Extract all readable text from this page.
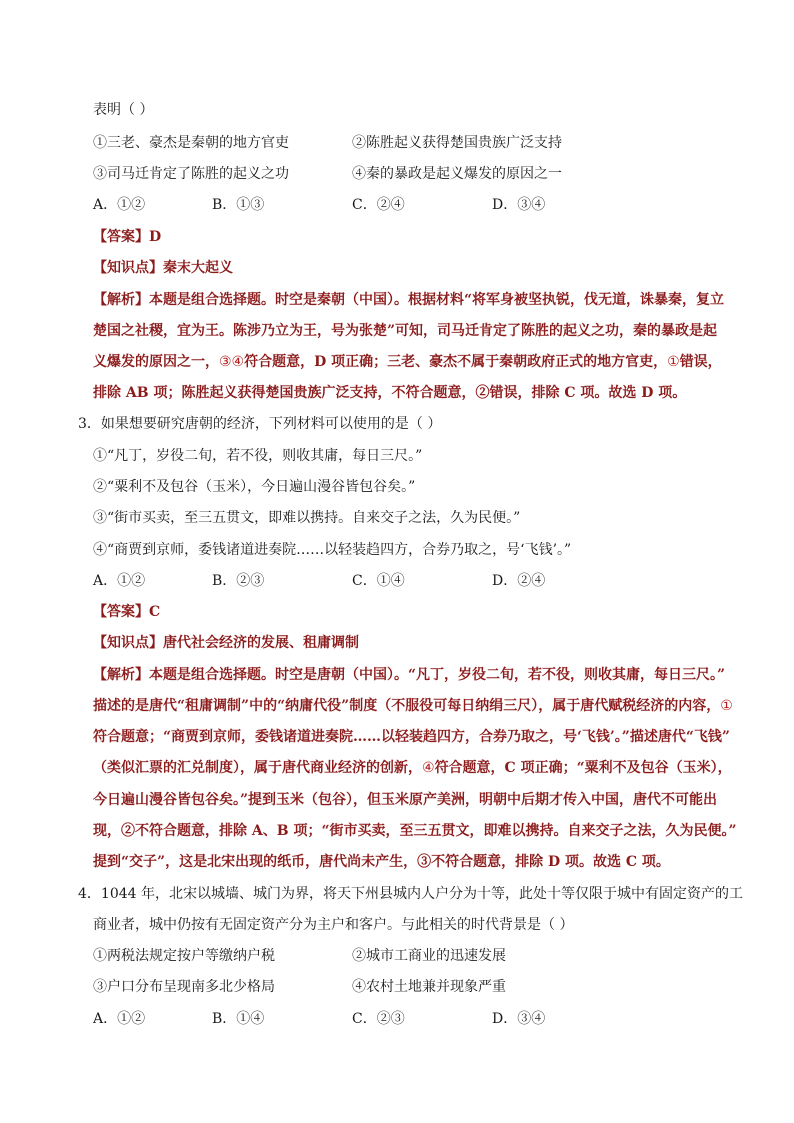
表明（ ）
①三老、豪杰是秦朝的地方官吏	②陈胜起义获得楚国贵族广泛支持
③司马迁肯定了陈胜的起义之功	④秦的暴政是起义爆发的原因之一
A．①②	B．①③	C．②④	D．③④
【答案】D
【知识点】秦末大起义
【解析】本题是组合选择题。时空是秦朝（中国）。根据材料“将军身被坚执锐，伐无道，诛暴秦，复立
楚国之社稷，宜为王。陈涉乃立为王，号为张楚”可知，司马迁肯定了陈胜的起义之功，秦的暴政是起
义爆发的原因之一，③④符合题意，D 项正确；三老、豪杰不属于秦朝政府正式的地方官吏，①错误，
排除 AB 项；陈胜起义获得楚国贵族广泛支持，不符合题意，②错误，排除 C 项。故选 D 项。
3．如果想要研究唐朝的经济，下列材料可以使用的是（ ）
①“凡丁，岁役二旬，若不役，则收其庸，每日三尺。”
②“粟利不及包谷（玉米），今日遍山漫谷皆包谷矣。”
③“街市买卖，至三五贯文，即难以携持。自来交子之法，久为民便。”
④“商贾到京师，委钱诸道进奏院……以轻装趋四方，合券乃取之，号‘飞钱’。”
A．①②	B．②③	C．①④	D．②④
【答案】C
【知识点】唐代社会经济的发展、租庸调制
【解析】本题是组合选择题。时空是唐朝（中国）。“凡丁，岁役二旬，若不役，则收其庸，每日三尺。”
描述的是唐代“租庸调制”中的“纳庸代役”制度（不服役可每日纳绢三尺），属于唐代赋税经济的内容，①
符合题意；“商贾到京师，委钱诸道进奏院……以轻装趋四方，合券乃取之，号‘飞钱’。”描述唐代“飞钱”
（类似汇票的汇兑制度），属于唐代商业经济的创新，④符合题意，C 项正确；“粟利不及包谷（玉米），
今日遍山漫谷皆包谷矣。”提到玉米（包谷），但玉米原产美洲，明朝中后期才传入中国，唐代不可能出
现，②不符合题意，排除 A、B 项；“街市买卖，至三五贯文，即难以携持。自来交子之法，久为民便。”
提到“交子”，这是北宋出现的纸币，唐代尚未产生，③不符合题意，排除 D 项。故选 C 项。
4．1044 年，北宋以城墙、城门为界，将天下州县城内人户分为十等，此处十等仅限于城中有固定资产的工
商业者，城中仍按有无固定资产分为主户和客户。与此相关的时代背景是（ ）
①两税法规定按户等缴纳户税	②城市工商业的迅速发展
③户口分布呈现南多北少格局	④农村土地兼并现象严重
A．①②	B．①④	C．②③	D．③④
